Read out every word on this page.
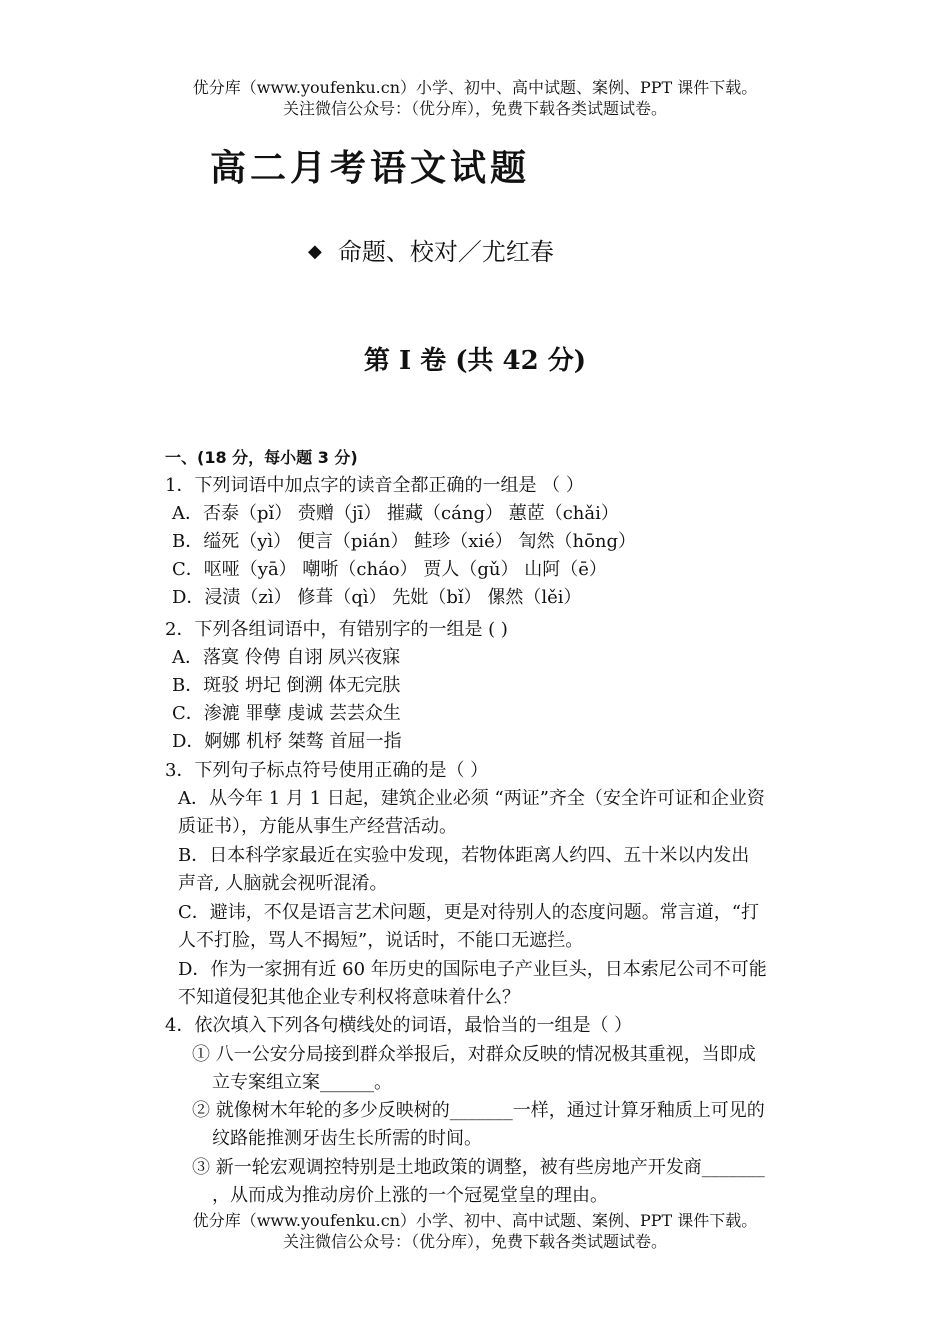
优分库（www.youfenku.cn）小学、初中、高中试题、案例、PPT 课件下载。
关注微信公众号：（优分库），免费下载各类试题试卷。
高二月考语文试题
◆ 命题、校对／尤红春
第 I 卷 (共 42 分)
一、(18 分，每小题 3 分)
1．下列词语中加点字的读音全都正确的一组是 （ ）
A．否泰（pǐ） 赍赠（jī） 摧藏（cáng） 蕙茝（chǎi）
B．缢死（yì） 便言（pián） 鲑珍（xié） 訇然（hōng）
C．呕哑（yā） 嘲哳（cháo） 贾人（gǔ） 山阿（ē）
D．浸渍（zì） 修葺（qì） 先妣（bǐ） 傫然（lěi）
2．下列各组词语中，有错别字的一组是 ( )
A．落寞 伶俜 自诩 夙兴夜寐
B．斑驳 坍圮 倒溯 体无完肤
C．渗漉 罪孽 虔诚 芸芸众生
D．婀娜 机杼 桀骜 首屈一指
3．下列句子标点符号使用正确的是（ ）
A．从今年 1 月 1 日起，建筑企业必须 “两证”齐全（安全许可证和企业资
质证书），方能从事生产经营活动。
B．日本科学家最近在实验中发现，若物体距离人约四、五十米以内发出
声音, 人脑就会视听混淆。
C．避讳，不仅是语言艺术问题，更是对待别人的态度问题。常言道，“打
人不打脸，骂人不揭短”，说话时，不能口无遮拦。
D．作为一家拥有近 60 年历史的国际电子产业巨头，日本索尼公司不可能
不知道侵犯其他企业专利权将意味着什么？
4．依次填入下列各句横线处的词语，最恰当的一组是（ ）
① 八一公安分局接到群众举报后，对群众反映的情况极其重视，当即成
立专案组立案______。
② 就像树木年轮的多少反映树的_______一样，通过计算牙釉质上可见的
纹路能推测牙齿生长所需的时间。
③ 新一轮宏观调控特别是土地政策的调整，被有些房地产开发商_______
，从而成为推动房价上涨的一个冠冕堂皇的理由。
优分库（www.youfenku.cn）小学、初中、高中试题、案例、PPT 课件下载。
关注微信公众号：（优分库），免费下载各类试题试卷。
